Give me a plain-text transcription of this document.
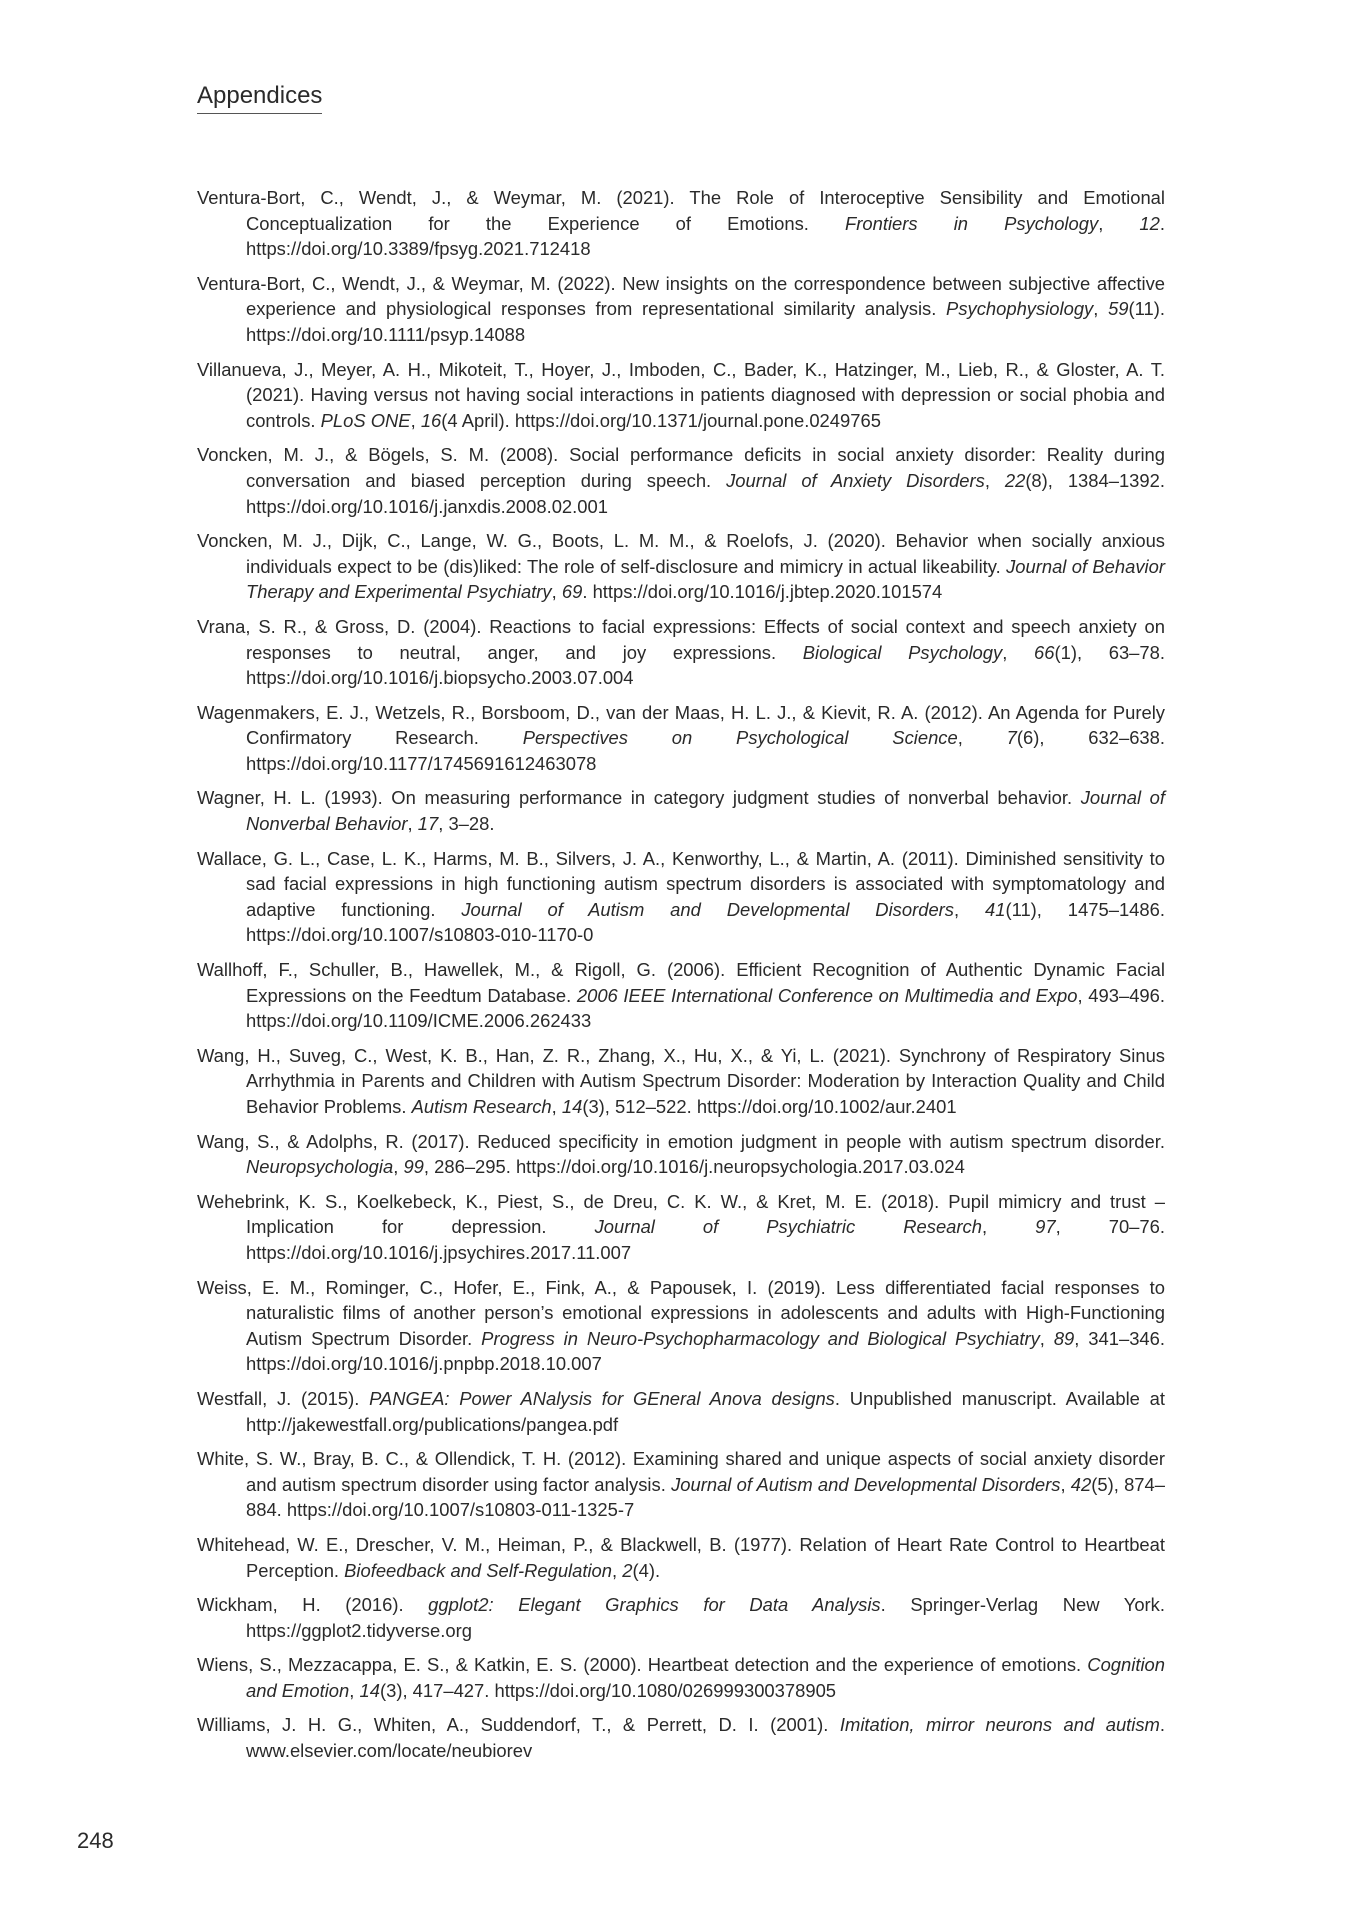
Appendices
Ventura-Bort, C., Wendt, J., & Weymar, M. (2021). The Role of Interoceptive Sensibility and Emotional Conceptualization for the Experience of Emotions. Frontiers in Psychology, 12. https://doi.org/10.3389/fpsyg.2021.712418
Ventura-Bort, C., Wendt, J., & Weymar, M. (2022). New insights on the correspondence between subjective affective experience and physiological responses from representational similarity analysis. Psychophysiology, 59(11). https://doi.org/10.1111/psyp.14088
Villanueva, J., Meyer, A. H., Mikoteit, T., Hoyer, J., Imboden, C., Bader, K., Hatzinger, M., Lieb, R., & Gloster, A. T. (2021). Having versus not having social interactions in patients diagnosed with depression or social phobia and controls. PLoS ONE, 16(4 April). https://doi.org/10.1371/journal.pone.0249765
Voncken, M. J., & Bögels, S. M. (2008). Social performance deficits in social anxiety disorder: Reality during conversation and biased perception during speech. Journal of Anxiety Disorders, 22(8), 1384–1392. https://doi.org/10.1016/j.janxdis.2008.02.001
Voncken, M. J., Dijk, C., Lange, W. G., Boots, L. M. M., & Roelofs, J. (2020). Behavior when socially anxious individuals expect to be (dis)liked: The role of self-disclosure and mimicry in actual likeability. Journal of Behavior Therapy and Experimental Psychiatry, 69. https://doi.org/10.1016/j.jbtep.2020.101574
Vrana, S. R., & Gross, D. (2004). Reactions to facial expressions: Effects of social context and speech anxiety on responses to neutral, anger, and joy expressions. Biological Psychology, 66(1), 63–78. https://doi.org/10.1016/j.biopsycho.2003.07.004
Wagenmakers, E. J., Wetzels, R., Borsboom, D., van der Maas, H. L. J., & Kievit, R. A. (2012). An Agenda for Purely Confirmatory Research. Perspectives on Psychological Science, 7(6), 632–638. https://doi.org/10.1177/1745691612463078
Wagner, H. L. (1993). On measuring performance in category judgment studies of nonverbal behavior. Journal of Nonverbal Behavior, 17, 3–28.
Wallace, G. L., Case, L. K., Harms, M. B., Silvers, J. A., Kenworthy, L., & Martin, A. (2011). Diminished sensitivity to sad facial expressions in high functioning autism spectrum disorders is associated with symptomatology and adaptive functioning. Journal of Autism and Developmental Disorders, 41(11), 1475–1486. https://doi.org/10.1007/s10803-010-1170-0
Wallhoff, F., Schuller, B., Hawellek, M., & Rigoll, G. (2006). Efficient Recognition of Authentic Dynamic Facial Expressions on the Feedtum Database. 2006 IEEE International Conference on Multimedia and Expo, 493–496. https://doi.org/10.1109/ICME.2006.262433
Wang, H., Suveg, C., West, K. B., Han, Z. R., Zhang, X., Hu, X., & Yi, L. (2021). Synchrony of Respiratory Sinus Arrhythmia in Parents and Children with Autism Spectrum Disorder: Moderation by Interaction Quality and Child Behavior Problems. Autism Research, 14(3), 512–522. https://doi.org/10.1002/aur.2401
Wang, S., & Adolphs, R. (2017). Reduced specificity in emotion judgment in people with autism spectrum disorder. Neuropsychologia, 99, 286–295. https://doi.org/10.1016/j.neuropsychologia.2017.03.024
Wehebrink, K. S., Koelkebeck, K., Piest, S., de Dreu, C. K. W., & Kret, M. E. (2018). Pupil mimicry and trust – Implication for depression. Journal of Psychiatric Research, 97, 70–76. https://doi.org/10.1016/j.jpsychires.2017.11.007
Weiss, E. M., Rominger, C., Hofer, E., Fink, A., & Papousek, I. (2019). Less differentiated facial responses to naturalistic films of another person’s emotional expressions in adolescents and adults with High-Functioning Autism Spectrum Disorder. Progress in Neuro-Psychopharmacology and Biological Psychiatry, 89, 341–346. https://doi.org/10.1016/j.pnpbp.2018.10.007
Westfall, J. (2015). PANGEA: Power ANalysis for GEneral Anova designs. Unpublished manuscript. Available at http://jakewestfall.org/publications/pangea.pdf
White, S. W., Bray, B. C., & Ollendick, T. H. (2012). Examining shared and unique aspects of social anxiety disorder and autism spectrum disorder using factor analysis. Journal of Autism and Developmental Disorders, 42(5), 874–884. https://doi.org/10.1007/s10803-011-1325-7
Whitehead, W. E., Drescher, V. M., Heiman, P., & Blackwell, B. (1977). Relation of Heart Rate Control to Heartbeat Perception. Biofeedback and Self-Regulation, 2(4).
Wickham, H. (2016). ggplot2: Elegant Graphics for Data Analysis. Springer-Verlag New York. https://ggplot2.tidyverse.org
Wiens, S., Mezzacappa, E. S., & Katkin, E. S. (2000). Heartbeat detection and the experience of emotions. Cognition and Emotion, 14(3), 417–427. https://doi.org/10.1080/026999300378905
Williams, J. H. G., Whiten, A., Suddendorf, T., & Perrett, D. I. (2001). Imitation, mirror neurons and autism. www.elsevier.com/locate/neubiorev
248
